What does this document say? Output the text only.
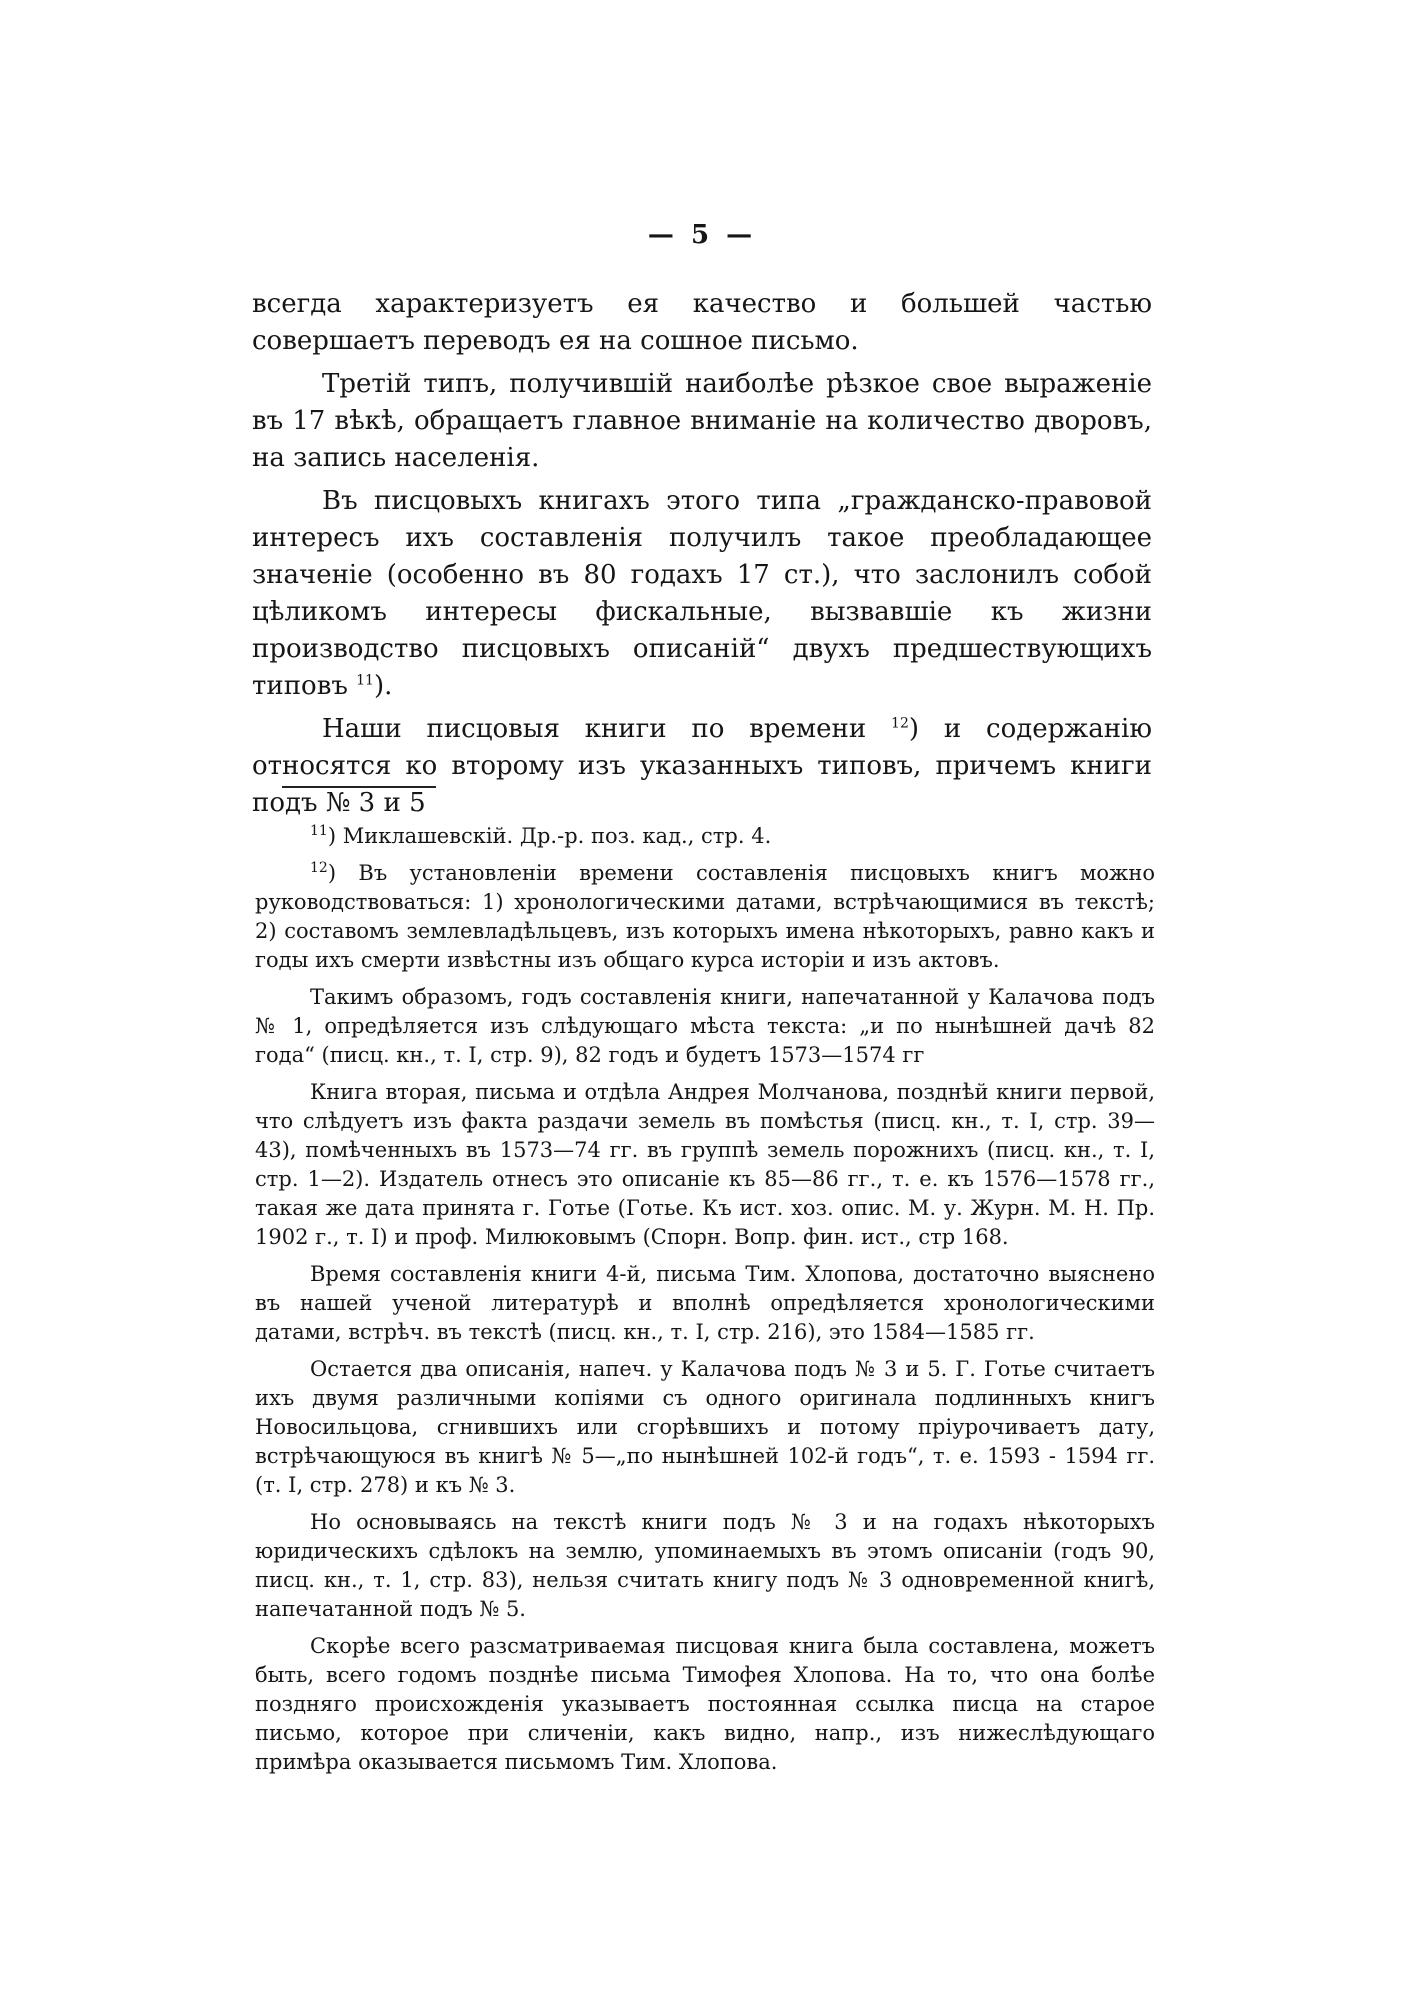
— 5 —

всегда характеризуетъ ея качество и большей частью совершаетъ переводъ ея на сошное письмо.

Третій типъ, получившій наиболѣе рѣзкое свое выраженіе въ 17 вѣкѣ, обращаетъ главное вниманіе на количество дворовъ, на запись населенія.

Въ писцовыхъ книгахъ этого типа „гражданско-правовой интересъ ихъ составленія получилъ такое преобладающее значеніе (особенно въ 80 годахъ 17 ст.), что заслонилъ собой цѣликомъ интересы фискальные, вызвавшіе къ жизни производство писцовыхъ описаній“ двухъ предшествующихъ типовъ $^{11}$).

Наши писцовыя книги по времени $^{12}$) и содержанію относятся ко второму изъ указанныхъ типовъ, причемъ книги подъ № 3 и 5

$^{11}$) Миклашевскій. Др.-р. поз. кад., стр. 4.

$^{12}$) Въ установленіи времени составленія писцовыхъ книгъ можно руководствоваться: 1) хронологическими датами, встрѣчающимися въ текстѣ; 2) составомъ землевладѣльцевъ, изъ которыхъ имена нѣкоторыхъ, равно какъ и годы ихъ смерти извѣстны изъ общаго курса исторіи и изъ актовъ.

Такимъ образомъ, годъ составленія книги, напечатанной у Калачова подъ № 1, опредѣляется изъ слѣдующаго мѣста текста: „и по нынѣшней дачѣ 82 года“ (писц. кн., т. I, стр. 9), 82 годъ и будетъ 1573—1574 гг

Книга вторая, письма и отдѣла Андрея Молчанова, позднѣй книги первой, что слѣдуетъ изъ факта раздачи земель въ помѣстья (писц. кн., т. I, стр. 39—43), помѣченныхъ въ 1573—74 гг. въ группѣ земель порожнихъ (писц. кн., т. I, стр. 1—2). Издатель отнесъ это описаніе къ 85—86 гг., т. е. къ 1576—1578 гг., такая же дата принята г. Готье (Готье. Къ ист. хоз. опис. М. у. Журн. М. Н. Пр. 1902 г., т. I) и проф. Милюковымъ (Спорн. Вопр. фин. ист., стр 168.

Время составленія книги 4-й, письма Тим. Хлопова, достаточно выяснено въ нашей ученой литературѣ и вполнѣ опредѣляется хронологическими датами, встрѣч. въ текстѣ (писц. кн., т. I, стр. 216), это 1584—1585 гг.

Остается два описанія, напеч. у Калачова подъ № 3 и 5. Г. Готье считаетъ ихъ двумя различными копіями съ одного оригинала подлинныхъ книгъ Новосильцова, сгнившихъ или сгорѣвшихъ и потому пріурочиваетъ дату, встрѣчающуюся въ книгѣ № 5—„по нынѣшней 102-й годъ“, т. е. 1593 - 1594 гг. (т. I, стр. 278) и къ № 3.

Но основываясь на текстѣ книги подъ № 3 и на годахъ нѣкоторыхъ юридическихъ сдѣлокъ на землю, упоминаемыхъ въ этомъ описаніи (годъ 90, писц. кн., т. 1, стр. 83), нельзя считать книгу подъ № 3 одновременной книгѣ, напечатанной подъ № 5.

Скорѣе всего разсматриваемая писцовая книга была составлена, можетъ быть, всего годомъ позднѣе письма Тимофея Хлопова. На то, что она болѣе поздняго происхожденія указываетъ постоянная ссылка писца на старое письмо, которое при сличеніи, какъ видно, напр., изъ нижеслѣдующаго примѣра оказывается письмомъ Тим. Хлопова.
